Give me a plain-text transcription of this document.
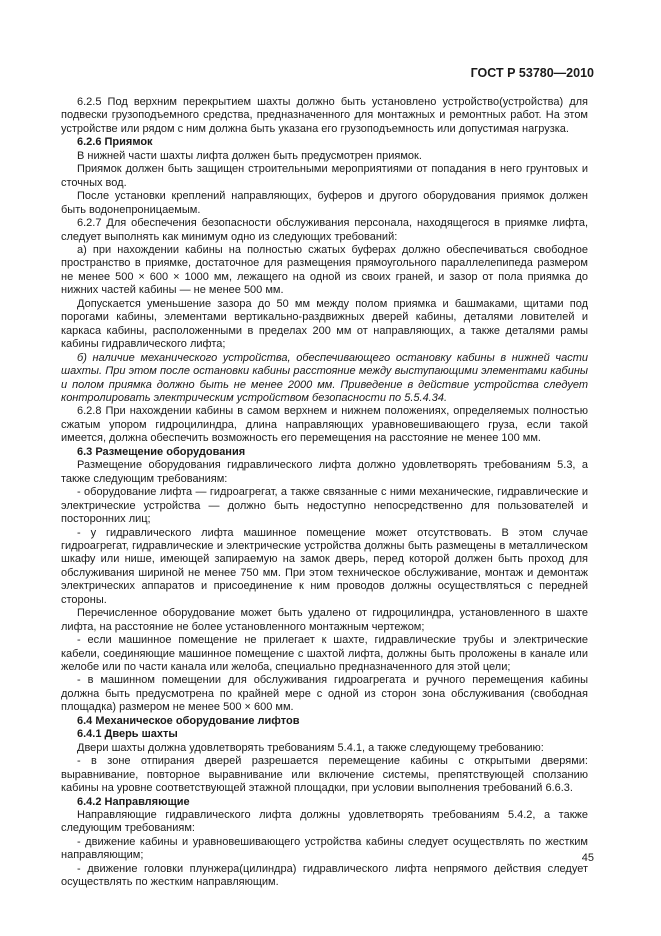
ГОСТ Р 53780—2010

6.2.5 Под верхним перекрытием шахты должно быть установлено устройство(устройства) для подвески грузоподъемного средства, предназначенного для монтажных и ремонтных работ. На этом устройстве или рядом с ним должна быть указана его грузоподъемность или допустимая нагрузка.

6.2.6 Приямок

В нижней части шахты лифта должен быть предусмотрен приямок.

Приямок должен быть защищен строительными мероприятиями от попадания в него грунтовых и сточных вод.

После установки креплений направляющих, буферов и другого оборудования приямок должен быть водонепроницаемым.

6.2.7 Для обеспечения безопасности обслуживания персонала, находящегося в приямке лифта, следует выполнять как минимум одно из следующих требований:

а) при нахождении кабины на полностью сжатых буферах должно обеспечиваться свободное пространство в приямке, достаточное для размещения прямоугольного параллелепипеда размером не менее 500 × 600 × 1000 мм, лежащего на одной из своих граней, и зазор от пола приямка до нижних частей кабины — не менее 500 мм.

Допускается уменьшение зазора до 50 мм между полом приямка и башмаками, щитами под порогами кабины, элементами вертикально-раздвижных дверей кабины, деталями ловителей и каркаса кабины, расположенными в пределах 200 мм от направляющих, а также деталями рамы кабины гидравлического лифта;

б) наличие механического устройства, обеспечивающего остановку кабины в нижней части шахты. При этом после остановки кабины расстояние между выступающими элементами кабины и полом приямка должно быть не менее 2000 мм. Приведение в действие устройства следует контролировать электрическим устройством безопасности по 5.5.4.34.

6.2.8 При нахождении кабины в самом верхнем и нижнем положениях, определяемых полностью сжатым упором гидроцилиндра, длина направляющих уравновешивающего груза, если такой имеется, должна обеспечить возможность его перемещения на расстояние не менее 100 мм.

6.3 Размещение оборудования

Размещение оборудования гидравлического лифта должно удовлетворять требованиям 5.3, а также следующим требованиям:

- оборудование лифта — гидроагрегат, а также связанные с ними механические, гидравлические и электрические устройства — должно быть недоступно непосредственно для пользователей и посторонних лиц;

- у гидравлического лифта машинное помещение может отсутствовать. В этом случае гидроагрегат, гидравлические и электрические устройства должны быть размещены в металлическом шкафу или нише, имеющей запираемую на замок дверь, перед которой должен быть проход для обслуживания шириной не менее 750 мм. При этом техническое обслуживание, монтаж и демонтаж электрических аппаратов и присоединение к ним проводов должны осуществляться с передней стороны.

Перечисленное оборудование может быть удалено от гидроцилиндра, установленного в шахте лифта, на расстояние не более установленного монтажным чертежом;

- если машинное помещение не прилегает к шахте, гидравлические трубы и электрические кабели, соединяющие машинное помещение с шахтой лифта, должны быть проложены в канале или желобе или по части канала или желоба, специально предназначенного для этой цели;

- в машинном помещении для обслуживания гидроагрегата и ручного перемещения кабины должна быть предусмотрена по крайней мере с одной из сторон зона обслуживания (свободная площадка) размером не менее 500 × 600 мм.

6.4 Механическое оборудование лифтов

6.4.1 Дверь шахты

Двери шахты должна удовлетворять требованиям 5.4.1, а также следующему требованию:

- в зоне отпирания дверей разрешается перемещение кабины с открытыми дверями: выравнивание, повторное выравнивание или включение системы, препятствующей сползанию кабины на уровне соответствующей этажной площадки, при условии выполнения требований 6.6.3.

6.4.2 Направляющие

Направляющие гидравлического лифта должны удовлетворять требованиям 5.4.2, а также следующим требованиям:

- движение кабины и уравновешивающего устройства кабины следует осуществлять по жестким направляющим;

- движение головки плунжера(цилиндра) гидравлического лифта непрямого действия следует осуществлять по жестким направляющим.

45
